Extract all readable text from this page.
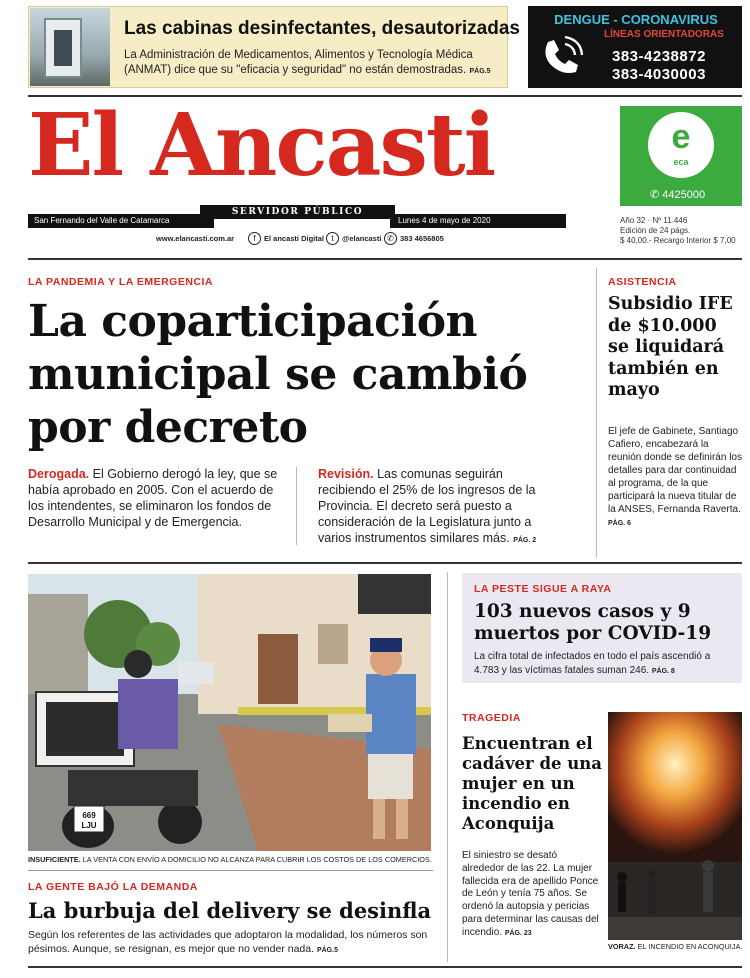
Las cabinas desinfectantes, desautorizadas
La Administración de Medicamentos, Alimentos y Tecnología Médica (ANMAT) dice que su "eficacia y seguridad" no están demostradas. PÁG.5
DENGUE - CORONAVIRUS
LÍNEAS ORIENTADORAS
383-4238872
383-4030003
El Ancasti	e
eca
✆ 4425000
San Fernando del Valle de Catamarca
SERVIDOR PÚBLICO
Lunes 4 de mayo de 2020
www.elancasti.com.ar	f	El ancasti Digital t	@elancasti ✆ 383 4656805
Año 32 · Nº 11.446
Edición de 24 págs.
$ 40,00.- Recargo Interior $ 7,00
LA PANDEMIA Y LA EMERGENCIA
La coparticipación municipal se cambió por decreto
Derogada. El Gobierno derogó la ley, que se había aprobado en 2005. Con el acuerdo de los intendentes, se eliminaron los fondos de Desarrollo Municipal y de Emergencia.
Revisión. Las comunas seguirán recibiendo el 25% de los ingresos de la Provincia. El decreto será puesto a consideración de la Legislatura junto a varios instrumentos similares más. PÁG. 2
ASISTENCIA
Subsidio IFE de $10.000 se liquidará también en mayo
El jefe de Gabinete, Santiago Cafiero, encabezará la reunión donde se definirán los detalles para dar continuidad al programa, de la que participará la nueva titular de la ANSES, Fernanda Raverta. PÁG. 6
669
LJU
INSUFICIENTE. LA VENTA CON ENVÍO A DOMICILIO NO ALCANZA PARA CUBRIR LOS COSTOS DE LOS COMERCIOS.
LA GENTE BAJÓ LA DEMANDA
La burbuja del delivery se desinfla
Según los referentes de las actividades que adoptaron la modalidad, los números son pésimos. Aunque, se resignan, es mejor que no vender nada. PÁG.5
LA PESTE SIGUE A RAYA
103 nuevos casos y 9 muertos por COVID-19
La cifra total de infectados en todo el país ascendió a 4.783 y las víctimas fatales suman 246. PÁG. 8
TRAGEDIA
Encuentran el cadáver de una mujer en un incendio en Aconquija
El siniestro se desató alrededor de las 22. La mujer fallecida era de apellido Ponce de León y tenía 75 años. Se ordenó la autopsia y pericias para determinar las causas del incendio. PÁG. 23
VORAZ. EL INCENDIO EN ACONQUIJA.
